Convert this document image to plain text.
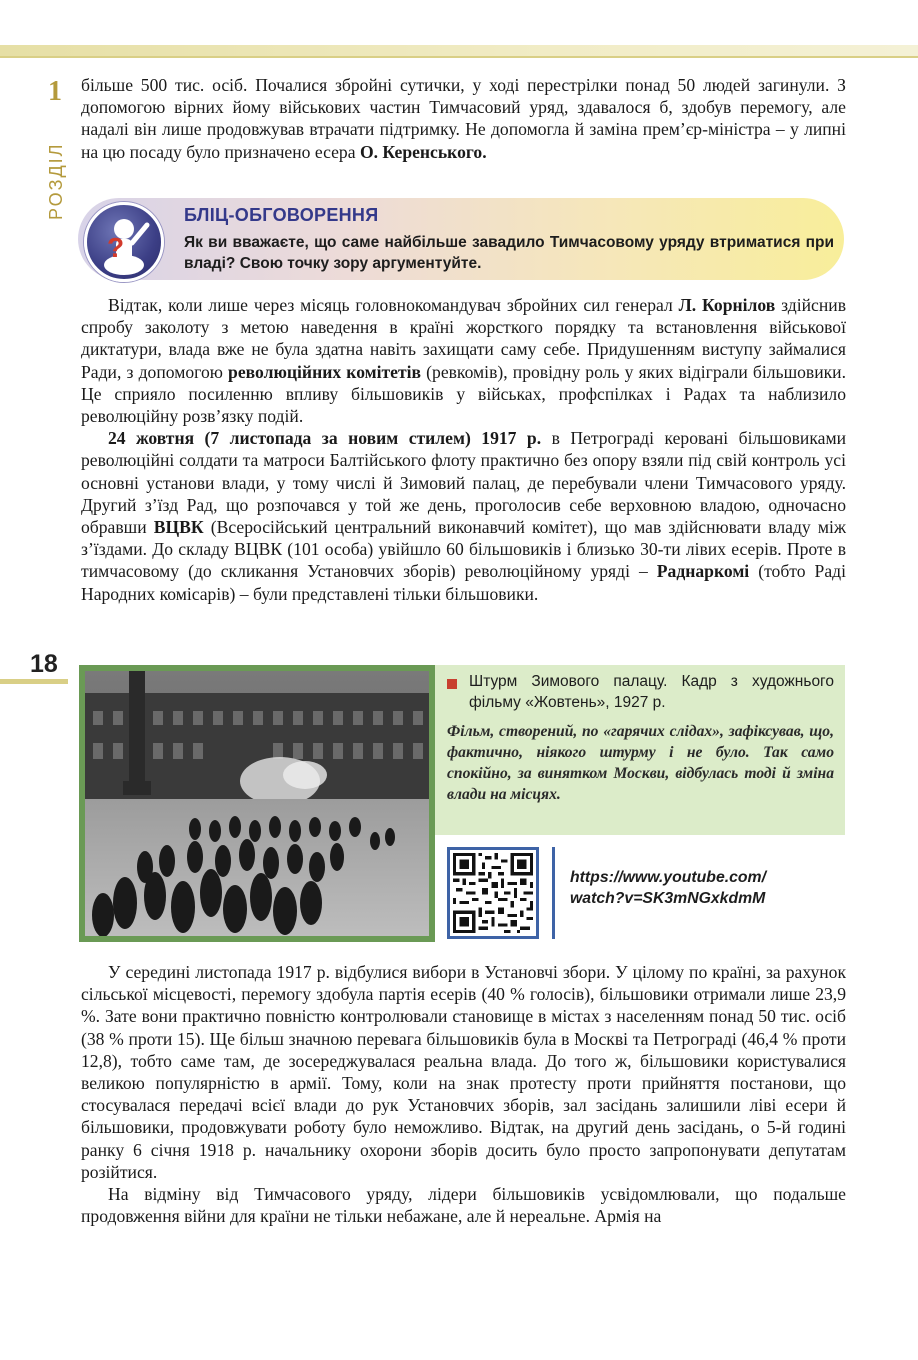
РОЗДІЛ
1 більше 500 тис. осіб. Почалися збройні сутички, у ході перестрілки понад 50 людей загинули. З допомогою вірних йому військових частин Тимчасовий уряд, здавалося б, здобув перемогу, але надалі він лише продовжував втрачати підтримку. Не допомогла й заміна прем’єр-міністра – у липні на цю посаду було призначено есера О. Керенського.

?
БЛІЦ-ОБГОВОРЕННЯ
Як ви вважаєте, що саме найбільше завадило Тимчасовому уряду втриматися при владі? Свою точку зору аргументуйте.

Відтак, коли лише через місяць головнокомандувач збройних сил генерал Л. Корнілов здійснив спробу заколоту з метою наведення в країні жорсткого порядку та встановлення військової диктатури, влада вже не була здатна навіть захищати саму себе. Придушенням виступу займалися Ради, з допомогою революційних комітетів (ревкомів), провідну роль у яких відіграли більшовики. Це сприяло посиленню впливу більшовиків у військах, профспілках і Радах та наблизило революційну розв’язку подій.

24 жовтня (7 листопада за новим стилем) 1917 р. в Петрограді керовані більшовиками революційні солдати та матроси Балтійського флоту практично без опору взяли під свій контроль усі основні установи влади, у тому числі й Зимовий палац, де перебували члени Тимчасового уряду. Другий з’їзд Рад, що розпочався у той же день, проголосив себе верховною владою, одночасно обравши ВЦВК (Всеросійський центральний виконавчий комітет), що мав здійснювати владу між з’їздами. До складу ВЦВК (101 особа) увійшло 60 більшовиків і близько 30-ти лівих есерів. Проте в тимчасовому (до скликання Установчих зборів) революційному уряді – Раднаркомі (тобто Раді Народних комісарів) – були представлені тільки більшовики.

18
Штурм Зимового палацу. Кадр з художнього фільму «Жовтень», 1927 р.
Фільм, створений, по «гарячих слідах», зафіксував, що, фактично, ніякого штурму і не було. Так само спокійно, за винятком Москви, відбулась тоді й зміна влади на місцях.
https://www.youtube.com/
watch?v=SK3mNGxkdmM

У середині листопада 1917 р. відбулися вибори в Установчі збори. У цілому по країні, за рахунок сільської місцевості, перемогу здобула партія есерів (40 % голосів), більшовики отримали лише 23,9 %. Зате вони практично повністю контролювали становище в містах з населенням понад 50 тис. осіб (38 % проти 15). Ще більш значною перевага більшовиків була в Москві та Петрограді (46,4 % проти 12,8), тобто саме там, де зосереджувалася реальна влада. До того ж, більшовики користувалися великою популярністю в армії. Тому, коли на знак протесту проти прийняття постанови, що стосувалася передачі всієї влади до рук Установчих зборів, зал засідань залишили ліві есери й більшовики, продовжувати роботу було неможливо. Відтак, на другий день засідань, о 5-й годині ранку 6 січня 1918 р. начальнику охорони зборів досить було просто запропонувати депутатам розійтися.

На відміну від Тимчасового уряду, лідери більшовиків усвідомлювали, що подальше продовження війни для країни не тільки небажане, але й нереальне. Армія на
